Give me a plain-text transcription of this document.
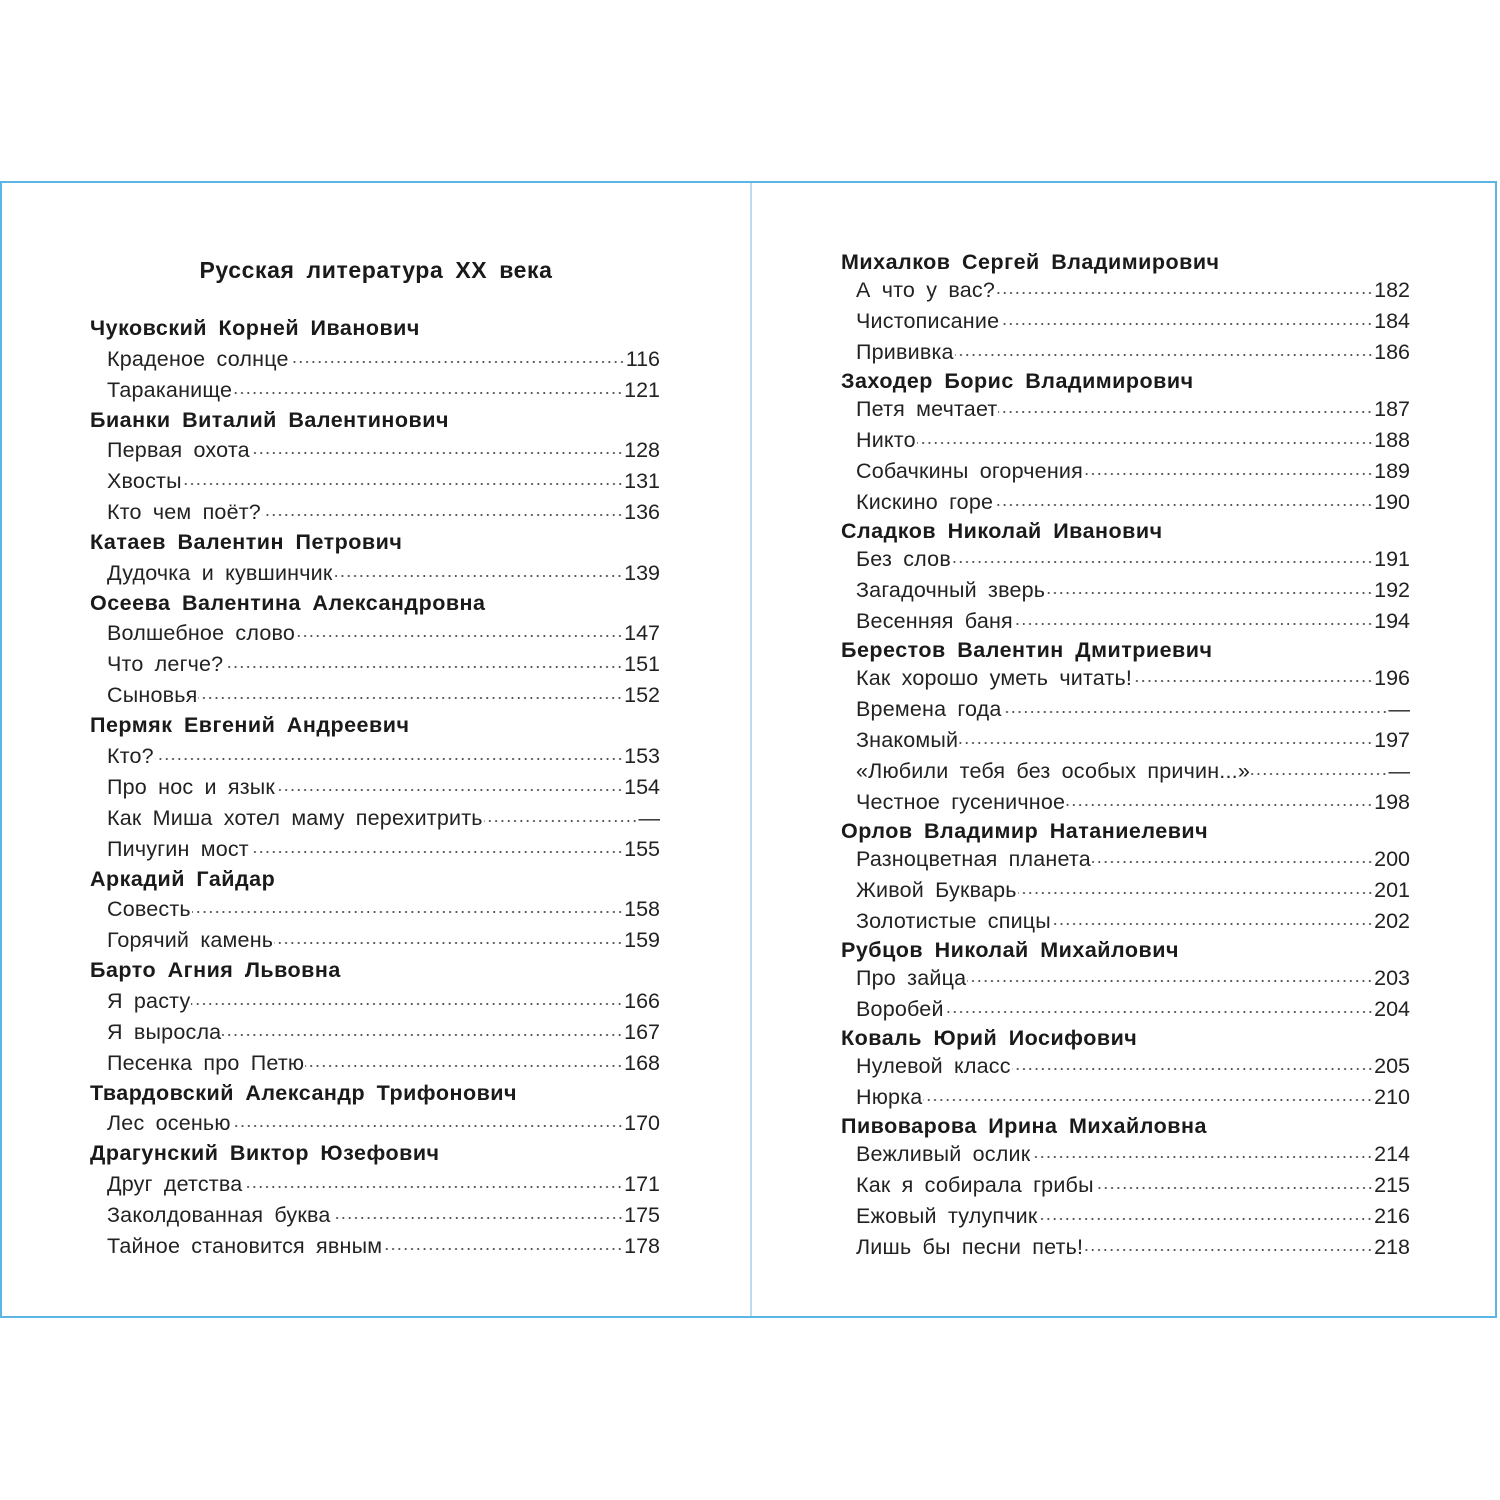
Русская литература XX века
Чуковский Корней Иванович
Краденое солнце	116
Тараканище	121
Бианки Виталий Валентинович
Первая охота	128
Хвосты	131
Кто чем поёт?	136
Катаев Валентин Петрович
Дудочка и кувшинчик	139
Осеева Валентина Александровна
Волшебное слово	147
Что легче?	151
Сыновья	152
Пермяк Евгений Андреевич
Кто?	153
Про нос и язык	154
Как Миша хотел маму перехитрить	—
Пичугин мост	155
Аркадий Гайдар
Совесть	158
Горячий камень	159
Барто Агния Львовна
Я расту	166
Я выросла	167
Песенка про Петю	168
Твардовский Александр Трифонович
Лес осенью	170
Драгунский Виктор Юзефович
Друг детства	171
Заколдованная буква	175
Тайное становится явным	178
Михалков Сергей Владимирович
А что у вас?	182
Чистописание	184
Прививка	186
Заходер Борис Владимирович
Петя мечтает	187
Никто	188
Собачкины огорчения	189
Кискино горе	190
Сладков Николай Иванович
Без слов	191
Загадочный зверь	192
Весенняя баня	194
Берестов Валентин Дмитриевич
Как хорошо уметь читать!	196
Времена года	—
Знакомый	197
«Любили тебя без особых причин...»	—
Честное гусеничное	198
Орлов Владимир Натаниелевич
Разноцветная планета	200
Живой Букварь	201
Золотистые спицы	202
Рубцов Николай Михайлович
Про зайца	203
Воробей	204
Коваль Юрий Иосифович
Нулевой класс	205
Нюрка	210
Пивоварова Ирина Михайловна
Вежливый ослик	214
Как я собирала грибы	215
Ежовый тулупчик	216
Лишь бы песни петь!	218
